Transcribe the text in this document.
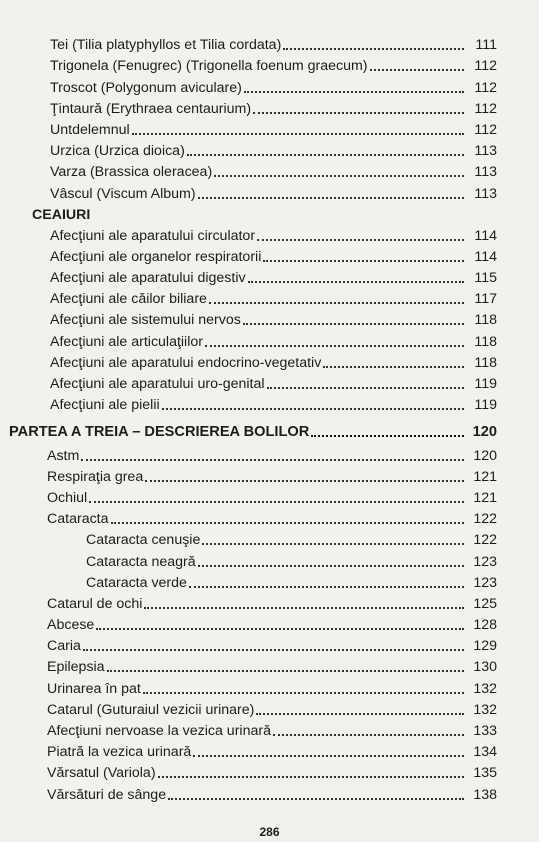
Tei (Tilia platyphyllos et Tilia cordata)	111
Trigonela (Fenugrec) (Trigonella foenum graecum)	112
Troscot (Polygonum aviculare)	112
Ţintaură (Erythraea centaurium)	112
Untdelemnul	112
Urzica (Urzica dioica)	113
Varza (Brassica oleracea)	113
Vâscul (Viscum Album)	113
CEAIURI
Afecţiuni ale aparatului circulator	114
Afecţiuni ale organelor respiratorii	114
Afecţiuni ale aparatului digestiv	115
Afecţiuni ale căilor biliare	117
Afecţiuni ale sistemului nervos	118
Afecţiuni ale articulaţiilor	118
Afecţiuni ale aparatului endocrino-vegetativ	118
Afecţiuni ale aparatului uro-genital	119
Afecţiuni ale pielii	119
PARTEA A TREIA – DESCRIEREA BOLILOR	120
Astm	120
Respiraţia grea	121
Ochiul	121
Cataracta	122
Cataracta cenuşie	122
Cataracta neagră	123
Cataracta verde	123
Catarul de ochi	125
Abcese	128
Caria	129
Epilepsia	130
Urinarea în pat	132
Catarul (Guturaiul vezicii urinare)	132
Afecţiuni nervoase la vezica urinară	133
Piatră la vezica urinară	134
Vărsatul (Variola)	135
Vărsături de sânge	138
286
